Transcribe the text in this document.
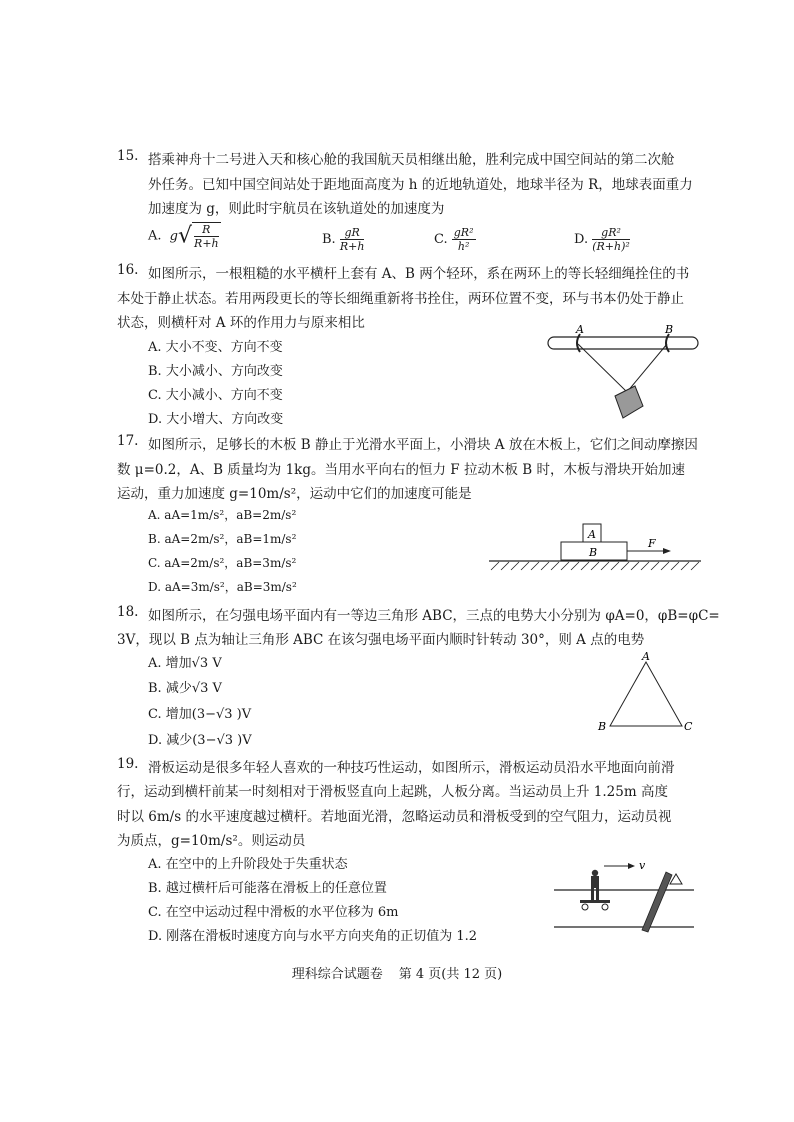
15. 搭乘神舟十二号进入天和核心舱的我国航天员相继出舱，胜利完成中国空间站的第二次舱
外任务。已知中国空间站处于距地面高度为 h 的近地轨道处，地球半径为 R，地球表面重力
加速度为 g，则此时宇航员在该轨道处的加速度为
A. $g√ \frac{R}{R+h}$	B. $\frac{gR}{R+h}$	C. $\frac{\text{gR²}}{\text{h²}}$	D. $\frac{\text{gR²}}{\text{(R+h)²}}$
16. 如图所示，一根粗糙的水平横杆上套有 A、B 两个轻环，系在两环上的等长轻细绳拴住的书
本处于静止状态。若用两段更长的等长细绳重新将书拴住，两环位置不变，环与书本仍处于静止
状态，则横杆对 A 环的作用力与原来相比
A. 大小不变、方向不变
B. 大小减小、方向改变
C. 大小减小、方向不变
D. 大小增大、方向改变
A	B
17. 如图所示，足够长的木板 B 静止于光滑水平面上，小滑块 A 放在木板上，它们之间动摩擦因
数 μ=0.2，A、B 质量均为 1kg。当用水平向右的恒力 F 拉动木板 B 时，木板与滑块开始加速
运动，重力加速度 g=10m/s²，运动中它们的加速度可能是
A. aA=1m/s²，aB=2m/s²
B. aA=2m/s²，aB=1m/s²
C. aA=2m/s²，aB=3m/s²
D. aA=3m/s²，aB=3m/s²
A
B
F
18. 如图所示，在匀强电场平面内有一等边三角形 ABC，三点的电势大小分别为 φA=0，φB=φC=
3V，现以 B 点为轴让三角形 ABC 在该匀强电场平面内顺时针转动 30°，则 A 点的电势
A. 增加√3 V
B. 减少√3 V
C. 增加(3−√3 )V
D. 减少(3−√3 )V
A
B	C
19. 滑板运动是很多年轻人喜欢的一种技巧性运动，如图所示，滑板运动员沿水平地面向前滑
行，运动到横杆前某一时刻相对于滑板竖直向上起跳，人板分离。当运动员上升 1.25m 高度
时以 6m/s 的水平速度越过横杆。若地面光滑，忽略运动员和滑板受到的空气阻力，运动员视
为质点，g=10m/s²。则运动员
A. 在空中的上升阶段处于失重状态
B. 越过横杆后可能落在滑板上的任意位置
C. 在空中运动过程中滑板的水平位移为 6m
D. 刚落在滑板时速度方向与水平方向夹角的正切值为 1.2
v
理科综合试题卷 第 4 页(共 12 页)
